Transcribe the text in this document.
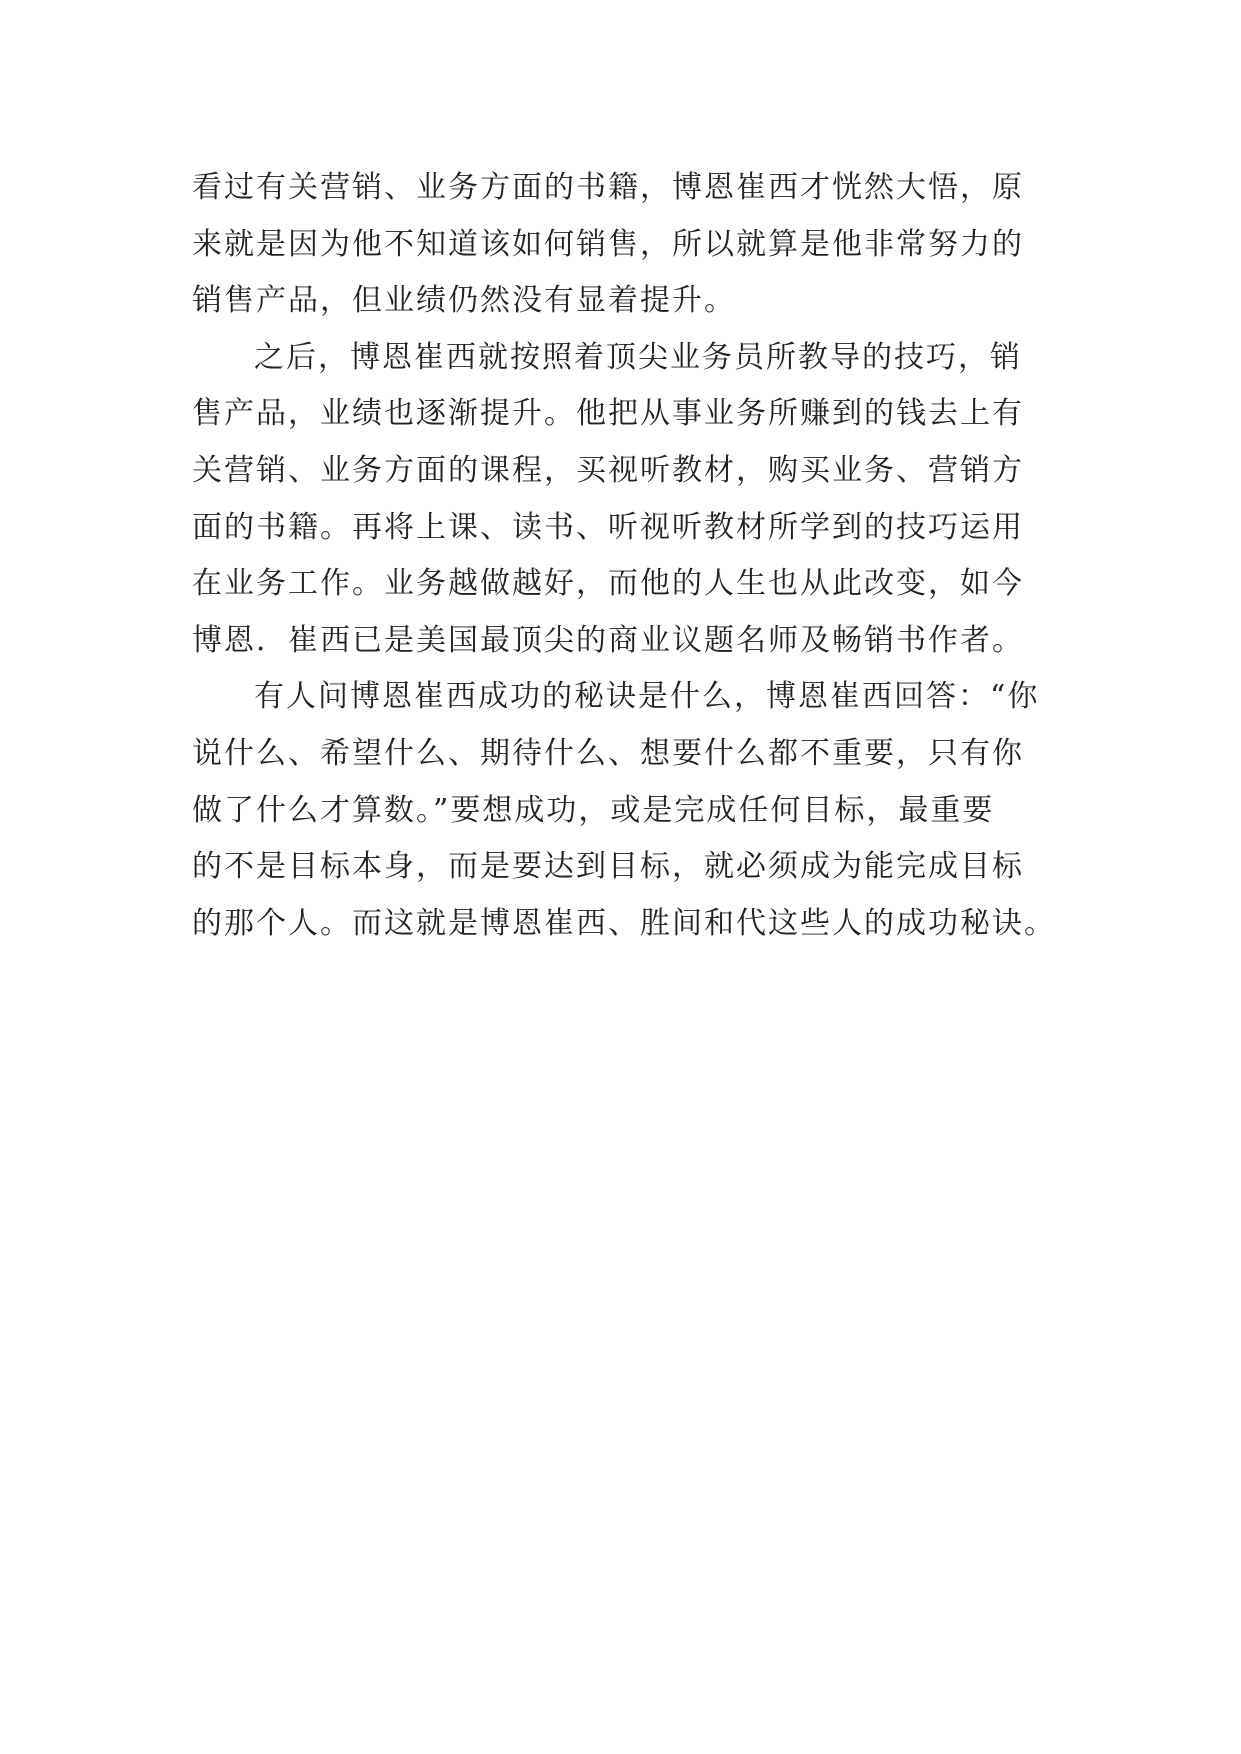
看过有关营销、业务方面的书籍，博恩崔西才恍然大悟，原
来就是因为他不知道该如何销售，所以就算是他非常努力的
销售产品，但业绩仍然没有显着提升。
之后，博恩崔西就按照着顶尖业务员所教导的技巧，销
售产品，业绩也逐渐提升。他把从事业务所赚到的钱去上有
关营销、业务方面的课程，买视听教材，购买业务、营销方
面的书籍。再将上课、读书、听视听教材所学到的技巧运用
在业务工作。业务越做越好，而他的人生也从此改变，如今
博恩．崔西已是美国最顶尖的商业议题名师及畅销书作者。
有人问博恩崔西成功的秘诀是什么，博恩崔西回答：“你
说什么、希望什么、期待什么、想要什么都不重要，只有你
做了什么才算数。”要想成功，或是完成任何目标，最重要
的不是目标本身，而是要达到目标，就必须成为能完成目标
的那个人。而这就是博恩崔西、胜间和代这些人的成功秘诀。
